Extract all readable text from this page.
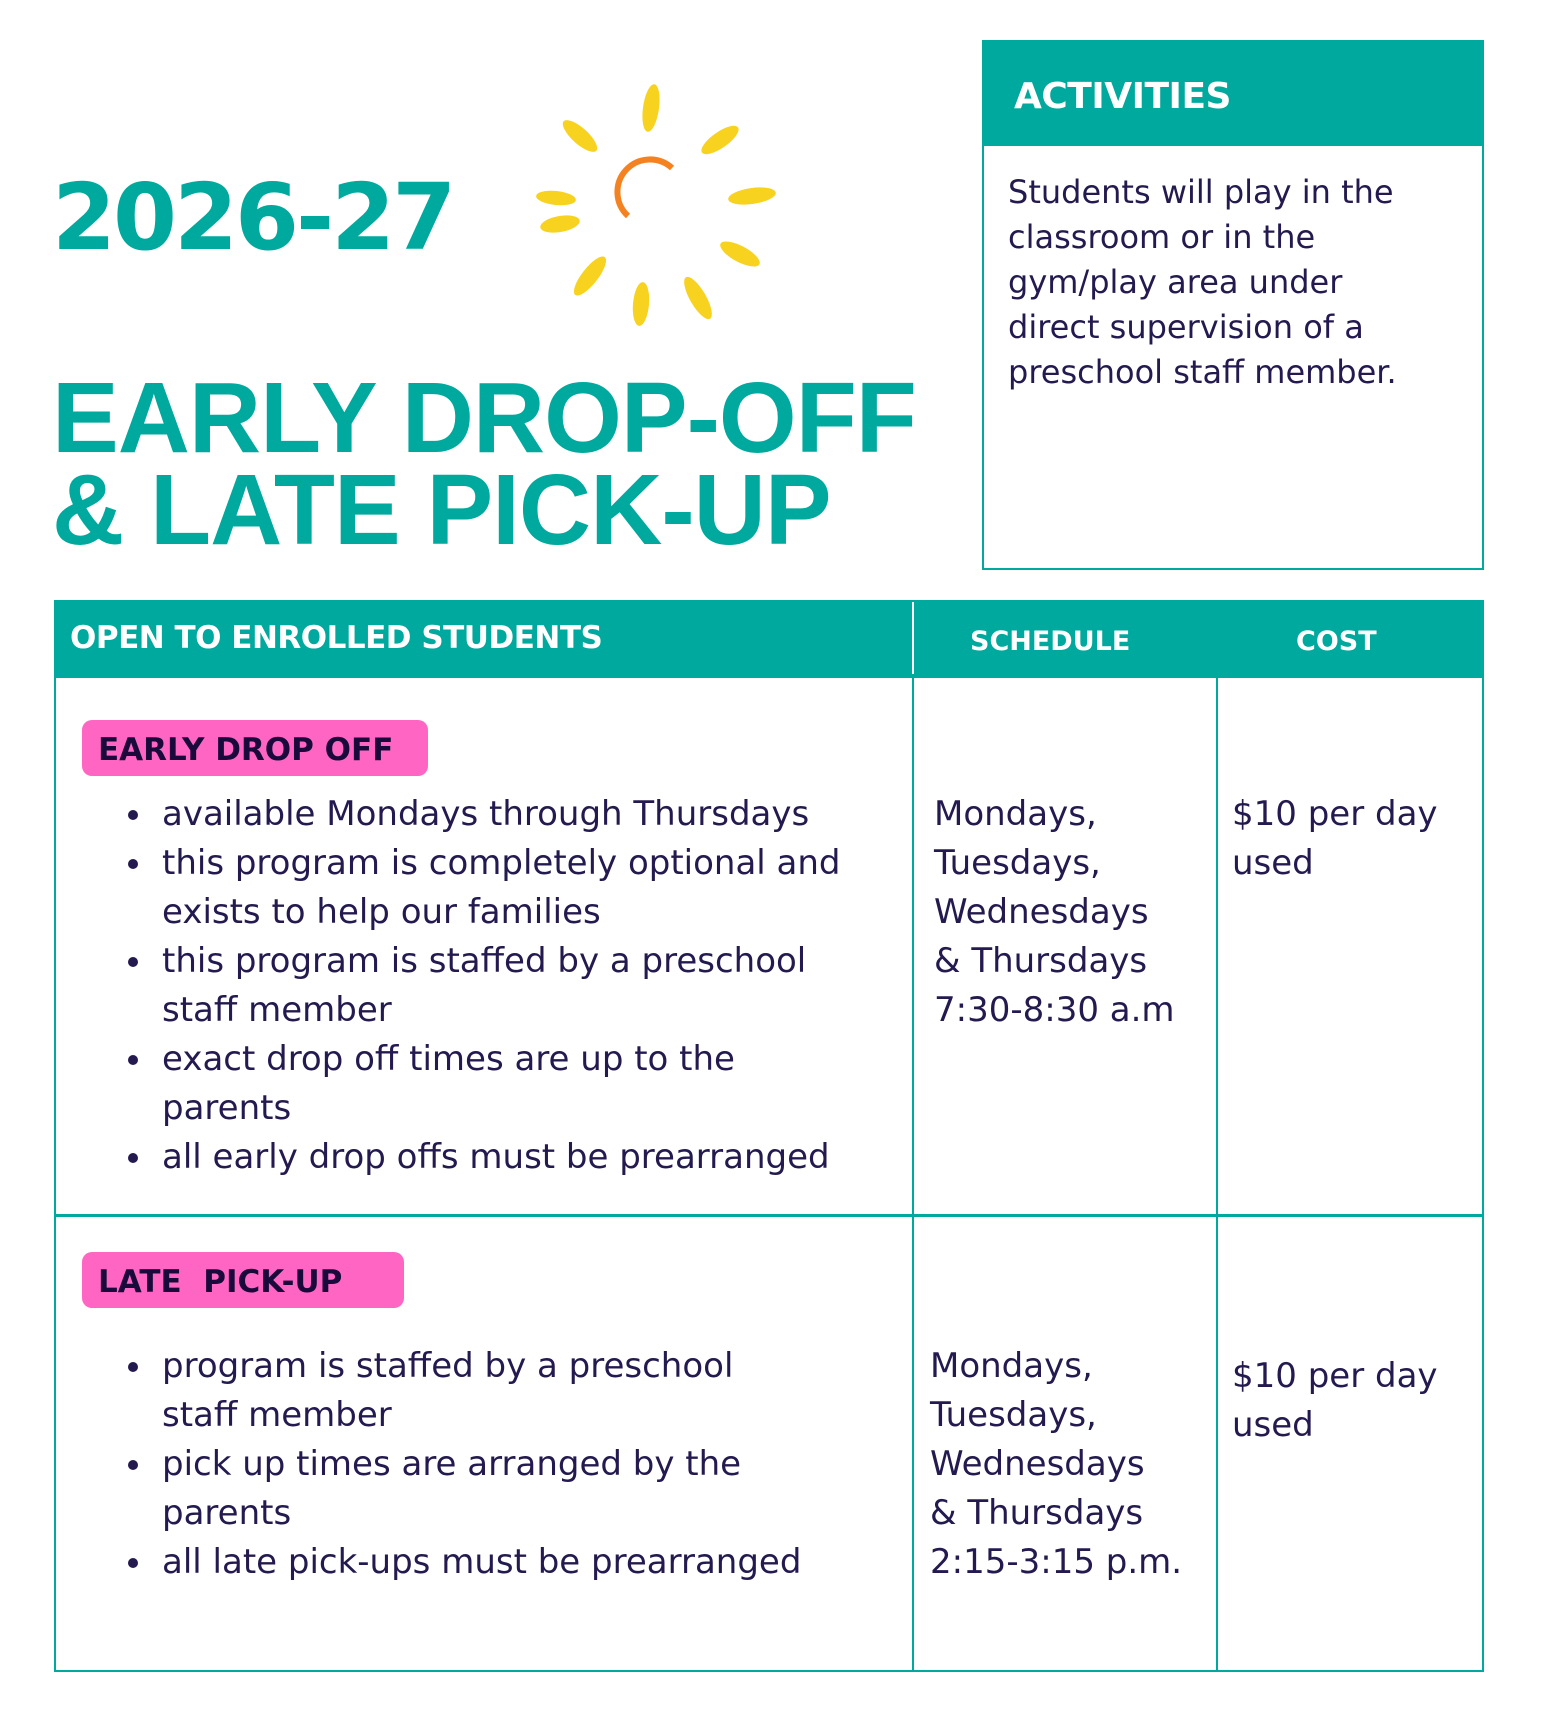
2026-27
EARLY DROP-OFF
& LATE PICK-UP
ACTIVITIES
Students will play in the
classroom or in the
gym/play area under
direct supervision of a
preschool staff member.
OPEN TO ENROLLED STUDENTS	SCHEDULE	COST
EARLY DROP OFF
available Mondays through Thursdays
this program is completely optional and
exists to help our families
this program is staffed by a preschool
staff member
exact drop off times are up to the
parents
all early drop offs must be prearranged
Mondays,
Tuesdays,
Wednesdays
& Thursdays
7:30-8:30 a.m
$10 per day
used
LATE  PICK-UP
program is staffed by a preschool
staff member
pick up times are arranged by the
parents
all late pick-ups must be prearranged
Mondays,
Tuesdays,
Wednesdays
& Thursdays
2:15-3:15 p.m.
$10 per day
used
